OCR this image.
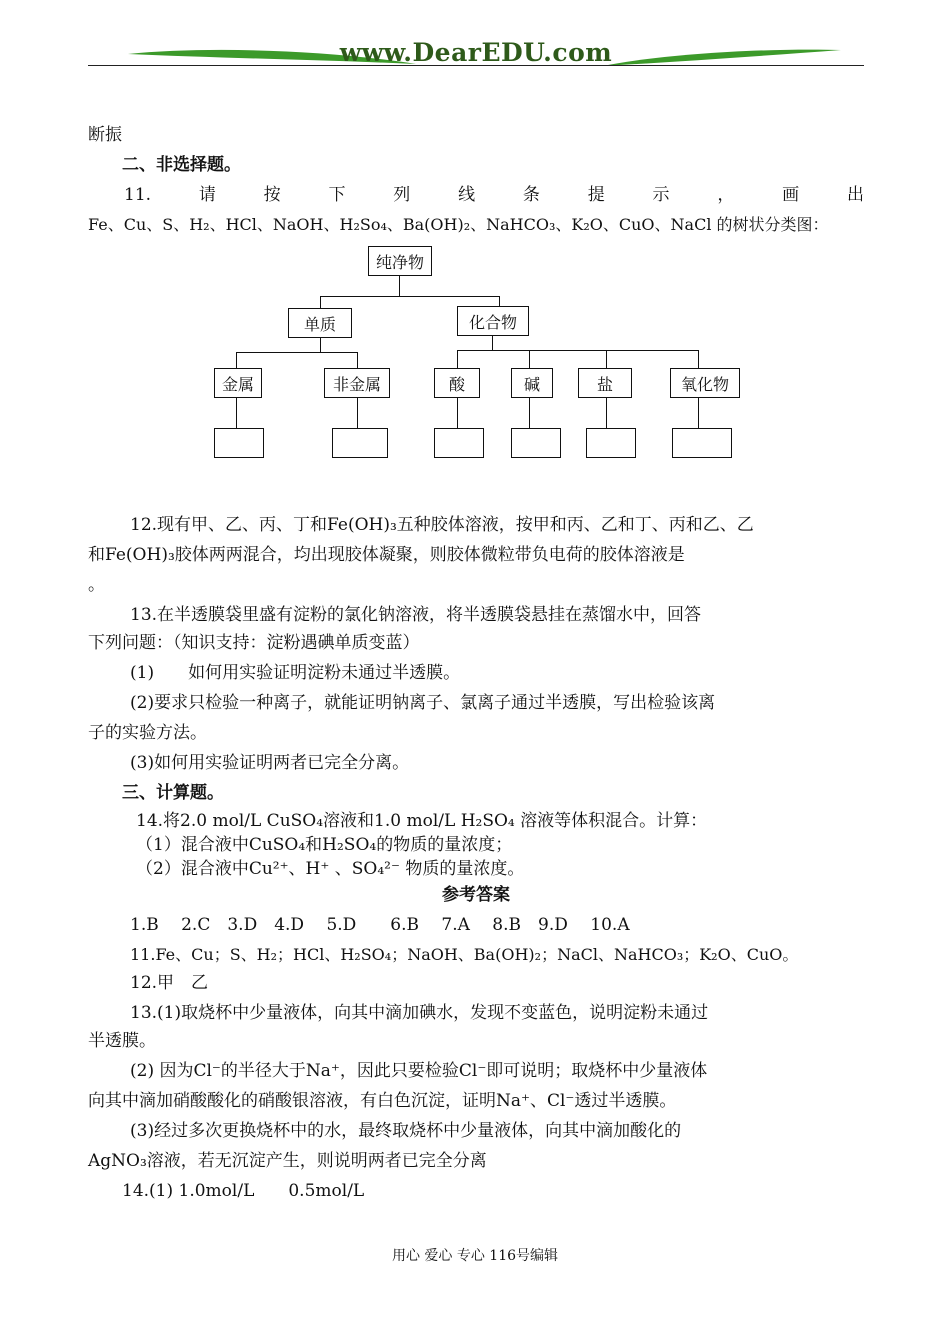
www.DearEDU.com
断振
二、非选择题。
11.	请	按	下	列	线	条	提	示	，	画	出
Fe、Cu、S、H₂、HCl、NaOH、H₂So₄、Ba(OH)₂、NaHCO₃、K₂O、CuO、NaCl 的树状分类图：
纯净物
单质	化合物
金属	非金属	酸	碱	盐	氧化物
12.现有甲、乙、丙、丁和Fe(OH)₃五种胶体溶液，按甲和丙、乙和丁、丙和乙、乙
和Fe(OH)₃胶体两两混合，均出现胶体凝聚，则胶体微粒带负电荷的胶体溶液是
。
13.在半透膜袋里盛有淀粉的氯化钠溶液，将半透膜袋悬挂在蒸馏水中，回答
下列问题：（知识支持：淀粉遇碘单质变蓝）
(1)　　如何用实验证明淀粉未通过半透膜。
(2)要求只检验一种离子，就能证明钠离子、氯离子通过半透膜，写出检验该离
子的实验方法。
(3)如何用实验证明两者已完全分离。
三、计算题。
14.将2.0 mol/L CuSO₄溶液和1.0 mol/L H₂SO₄ 溶液等体积混合。计算：
（1）混合液中CuSO₄和H₂SO₄的物质的量浓度；
（2）混合液中Cu²⁺、H⁺ 、SO₄²⁻ 物质的量浓度。
参考答案
1.B　 2.C　3.D　4.D　 5.D　　6.B　 7.A　 8.B　9.D　 10.A
11.Fe、Cu；S、H₂；HCl、H₂SO₄；NaOH、Ba(OH)₂；NaCl、NaHCO₃；K₂O、CuO。
12.甲　乙
13.(1)取烧杯中少量液体，向其中滴加碘水，发现不变蓝色，说明淀粉未通过
半透膜。
(2) 因为Cl⁻的半径大于Na⁺，因此只要检验Cl⁻即可说明；取烧杯中少量液体
向其中滴加硝酸酸化的硝酸银溶液，有白色沉淀，证明Na⁺、Cl⁻透过半透膜。
(3)经过多次更换烧杯中的水，最终取烧杯中少量液体，向其中滴加酸化的
AgNO₃溶液，若无沉淀产生，则说明两者已完全分离
14.(1) 1.0mol/L　　0.5mol/L
用心 爱心 专心 116号编辑
